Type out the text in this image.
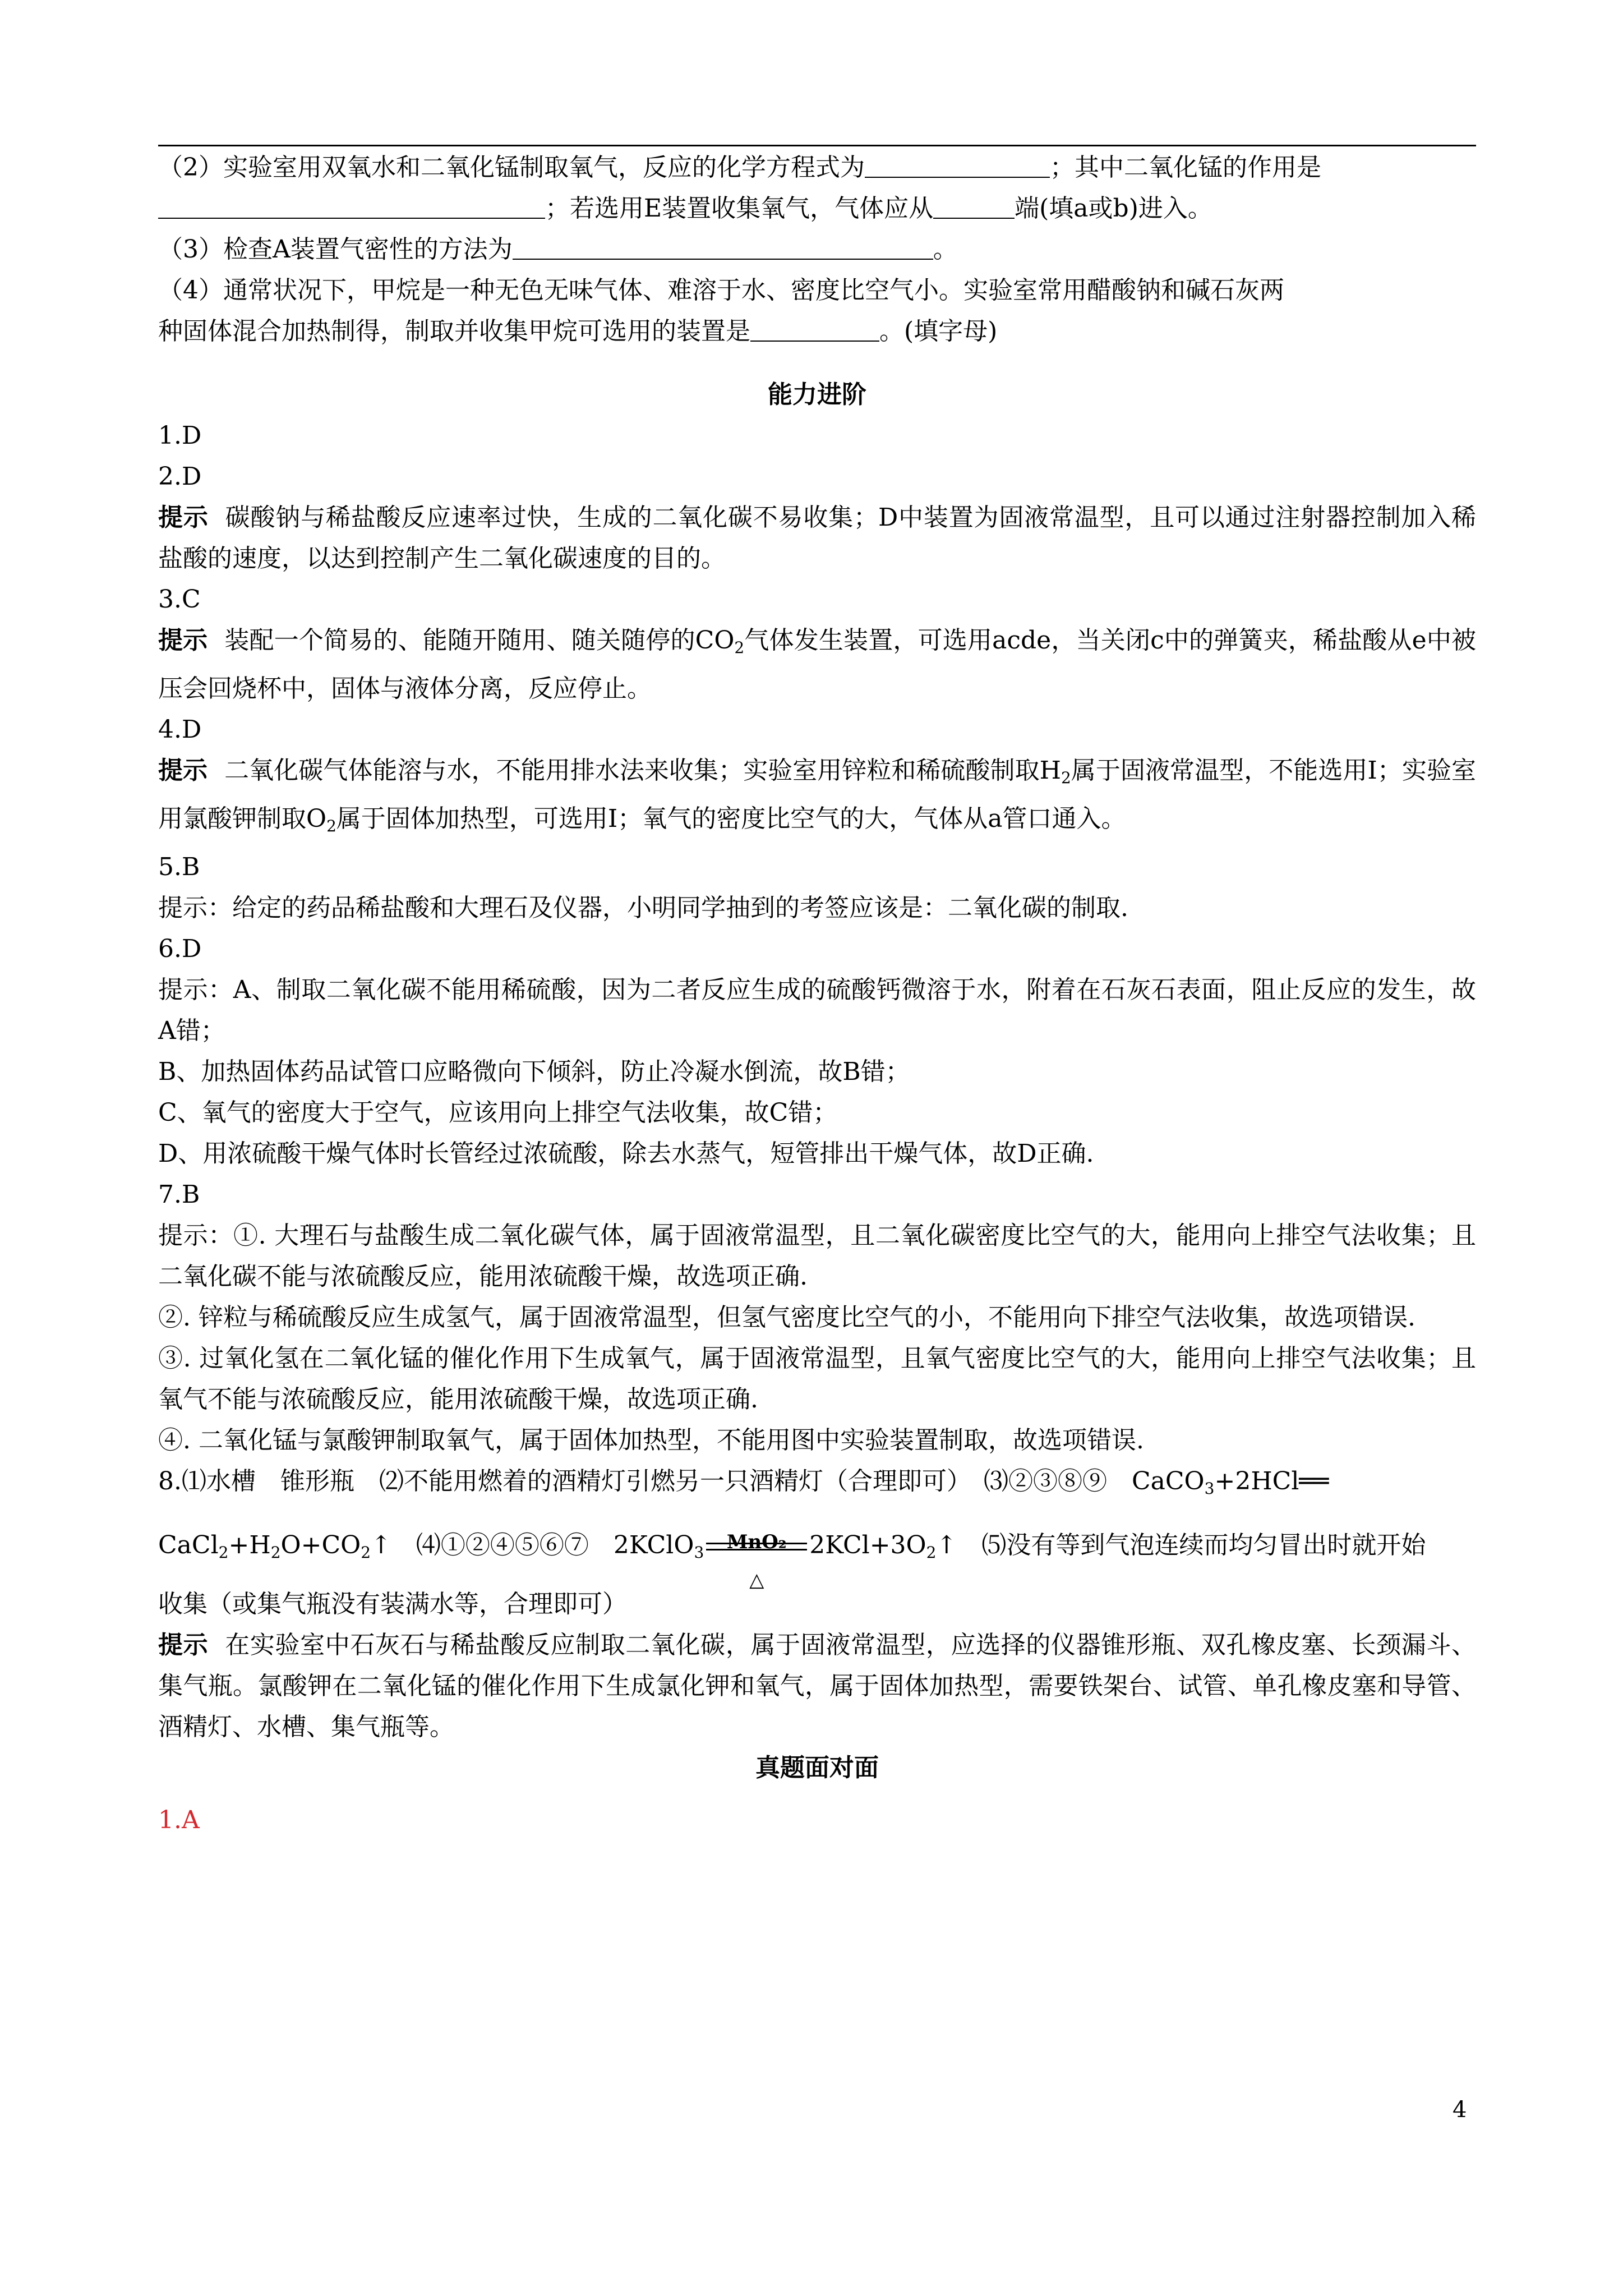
（2）实验室用双氧水和二氧化锰制取氧气，反应的化学方程式为	；其中二氧化锰的作用是
；若选用E装置收集氧气，气体应从	端(填a或b)进入。
（3）检查A装置气密性的方法为	。
（4）通常状况下，甲烷是一种无色无味气体、难溶于水、密度比空气小。实验室常用醋酸钠和碱石灰两
种固体混合加热制得，制取并收集甲烷可选用的装置是	。(填字母)
能力进阶
1.D
2.D
提示 碳酸钠与稀盐酸反应速率过快，生成的二氧化碳不易收集；D中装置为固液常温型，且可以通过注射器控制加入稀盐酸的速度，以达到控制产生二氧化碳速度的目的。
3.C
提示 装配一个简易的、能随开随用、随关随停的$CO_2$气体发生装置，可选用acde，当关闭c中的弹簧夹，稀盐酸从e中被压会回烧杯中，固体与液体分离，反应停止。
4.D
提示 二氧化碳气体能溶与水，不能用排水法来收集；实验室用锌粒和稀硫酸制取$H_2$属于固液常温型，不能选用Ⅰ；实验室用氯酸钾制取$O_2$属于固体加热型，可选用Ⅰ；氧气的密度比空气的大，气体从a管口通入。
5.B
提示：给定的药品稀盐酸和大理石及仪器，小明同学抽到的考签应该是：二氧化碳的制取.
6.D
提示：A、制取二氧化碳不能用稀硫酸，因为二者反应生成的硫酸钙微溶于水，附着在石灰石表面，阻止反应的发生，故A错；
B、加热固体药品试管口应略微向下倾斜，防止冷凝水倒流，故B错；
C、氧气的密度大于空气，应该用向上排空气法收集，故C错；
D、用浓硫酸干燥气体时长管经过浓硫酸，除去水蒸气，短管排出干燥气体，故D正确.
7.B
提示：①. 大理石与盐酸生成二氧化碳气体，属于固液常温型，且二氧化碳密度比空气的大，能用向上排空气法收集；且二氧化碳不能与浓硫酸反应，能用浓硫酸干燥，故选项正确.
②. 锌粒与稀硫酸反应生成氢气，属于固液常温型，但氢气密度比空气的小，不能用向下排空气法收集，故选项错误.
③. 过氧化氢在二氧化锰的催化作用下生成氧气，属于固液常温型，且氧气密度比空气的大，能用向上排空气法收集；且氧气不能与浓硫酸反应，能用浓硫酸干燥，故选项正确.
④. 二氧化锰与氯酸钾制取氧气，属于固体加热型，不能用图中实验装置制取，故选项错误.
8.⑴水槽　锥形瓶　⑵不能用燃着的酒精灯引燃另一只酒精灯（合理即可）　⑶②③⑧⑨　CaCO$_3$+2HCl══
$CaCl_2+H_2O+CO_2↑$　⑷①②④⑤⑥⑦　2KClO$_3$	MnO₂
△
$2KCl+3O_2↑$　⑸没有等到气泡连续而均匀冒出时就开始
收集（或集气瓶没有装满水等，合理即可）
提示 在实验室中石灰石与稀盐酸反应制取二氧化碳，属于固液常温型，应选择的仪器锥形瓶、双孔橡皮塞、长颈漏斗、集气瓶。氯酸钾在二氧化锰的催化作用下生成氯化钾和氧气，属于固体加热型，需要铁架台、试管、单孔橡皮塞和导管、酒精灯、水槽、集气瓶等。
真题面对面
1.A
4
